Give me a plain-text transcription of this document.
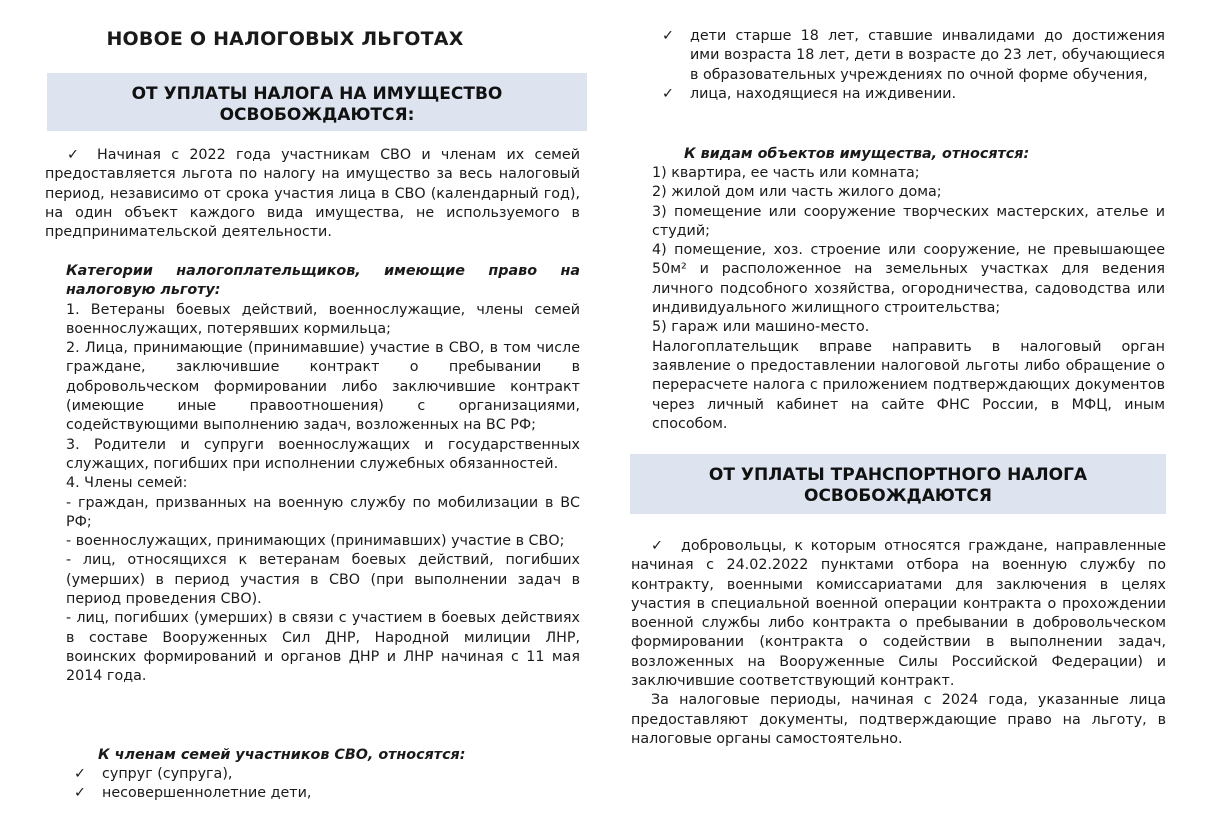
НОВОЕ О НАЛОГОВЫХ ЛЬГОТАХ
ОТ УПЛАТЫ НАЛОГА НА ИМУЩЕСТВО
ОСВОБОЖДАЮТСЯ:

✓ Начиная с 2022 года участникам СВО и членам их семей предоставляется льгота по налогу на имущество за весь налоговый период, независимо от срока участия лица в СВО (календарный год), на один объект каждого вида имущества, не используемого в предпринимательской деятельности.

Категории налогоплательщиков, имеющие право на налоговую льготу:

1. Ветераны боевых действий, военнослужащие, члены семей военнослужащих, потерявших кормильца;

2. Лица, принимающие (принимавшие) участие в СВО, в том числе граждане, заключившие контракт о пребывании в добровольческом формировании либо заключившие контракт (имеющие иные правоотношения) с организациями, содействующими выполнению задач, возложенных на ВС РФ;

3. Родители и супруги военнослужащих и государственных служащих, погибших при исполнении служебных обязанностей.

4. Члены семей:

- граждан, призванных на военную службу по мобилизации в ВС РФ;

- военнослужащих, принимающих (принимавших) участие в СВО;

- лиц, относящихся к ветеранам боевых действий, погибших (умерших) в период участия в СВО (при выполнении задач в период проведения СВО).

- лиц, погибших (умерших) в связи с участием в боевых действиях в составе Вооруженных Сил ДНР, Народной милиции ЛНР, воинских формирований и органов ДНР и ЛНР начиная с 11 мая 2014 года.

К членам семей участников СВО, относятся:

✓ супруг (супруга),
✓ несовершеннолетние дети,
✓ дети старше 18 лет, ставшие инвалидами до достижения ими возраста 18 лет, дети в возрасте до 23 лет, обучающиеся в образовательных учреждениях по очной форме обучения,
✓ лица, находящиеся на иждивении.

К видам объектов имущества, относятся:

1) квартира, ее часть или комната;

2) жилой дом или часть жилого дома;

3) помещение или сооружение творческих мастерских, ателье и студий;

4) помещение, хоз. строение или сооружение, не превышающее 50м² и расположенное на земельных участках для ведения личного подсобного хозяйства, огородничества, садоводства или индивидуального жилищного строительства;

5) гараж или машино-место.

Налогоплательщик вправе направить в налоговый орган заявление о предоставлении налоговой льготы либо обращение о перерасчете налога с приложением подтверждающих документов через личный кабинет на сайте ФНС России, в МФЦ, иным способом.

ОТ УПЛАТЫ ТРАНСПОРТНОГО НАЛОГА
ОСВОБОЖДАЮТСЯ

✓ добровольцы, к которым относятся граждане, направленные начиная с 24.02.2022 пунктами отбора на военную службу по контракту, военными комиссариатами для заключения в целях участия в специальной военной операции контракта о прохождении военной службы либо контракта о пребывании в добровольческом формировании (контракта о содействии в выполнении задач, возложенных на Вооруженные Силы Российской Федерации) и заключившие соответствующий контракт.

За налоговые периоды, начиная с 2024 года, указанные лица предоставляют документы, подтверждающие право на льготу, в налоговые органы самостоятельно.
